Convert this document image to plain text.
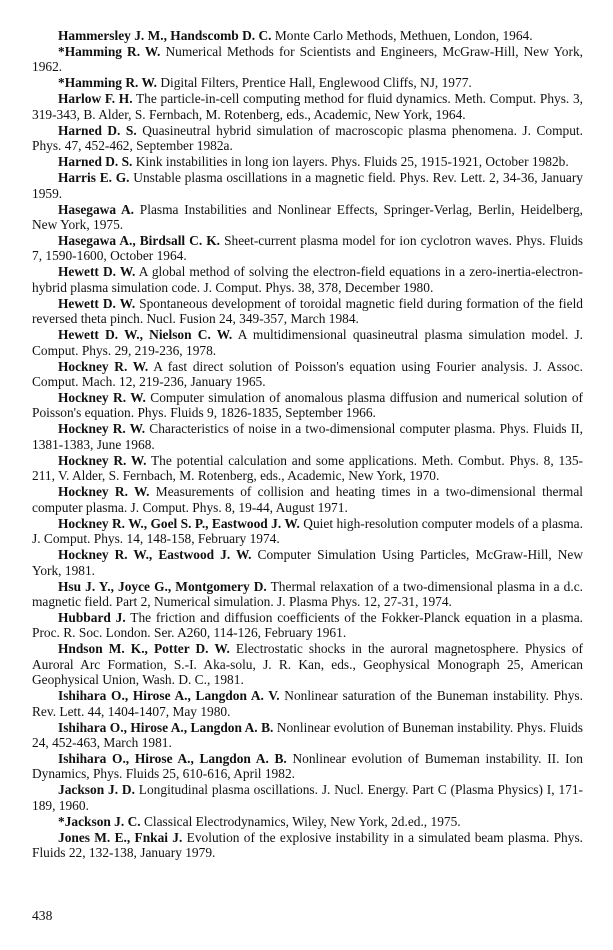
Hammersley J. M., Handscomb D. C. Monte Carlo Methods, Methuen, London, 1964.

*Hamming R. W. Numerical Methods for Scientists and Engineers, McGraw-Hill, New York, 1962.

*Hamming R. W. Digital Filters, Prentice Hall, Englewood Cliffs, NJ, 1977.

Harlow F. H. The particle-in-cell computing method for fluid dynamics. Meth. Comput. Phys. 3, 319-343, B. Alder, S. Fernbach, M. Rotenberg, eds., Academic, New York, 1964.

Harned D. S. Quasineutral hybrid simulation of macroscopic plasma phenomena. J. Comput. Phys. 47, 452-462, September 1982a.

Harned D. S. Kink instabilities in long ion layers. Phys. Fluids 25, 1915-1921, October 1982b.

Harris E. G. Unstable plasma oscillations in a magnetic field. Phys. Rev. Lett. 2, 34-36, January 1959.

Hasegawa A. Plasma Instabilities and Nonlinear Effects, Springer-Verlag, Berlin, Heidelberg, New York, 1975.

Hasegawa A., Birdsall C. K. Sheet-current plasma model for ion cyclotron waves. Phys. Fluids 7, 1590-1600, October 1964.

Hewett D. W. A global method of solving the electron-field equations in a zero-inertia-electron-hybrid plasma simulation code. J. Comput. Phys. 38, 378, December 1980.

Hewett D. W. Spontaneous development of toroidal magnetic field during formation of the field reversed theta pinch. Nucl. Fusion 24, 349-357, March 1984.

Hewett D. W., Nielson C. W. A multidimensional quasineutral plasma simulation model. J. Comput. Phys. 29, 219-236, 1978.

Hockney R. W. A fast direct solution of Poisson's equation using Fourier analysis. J. Assoc. Comput. Mach. 12, 219-236, January 1965.

Hockney R. W. Computer simulation of anomalous plasma diffusion and numerical solution of Poisson's equation. Phys. Fluids 9, 1826-1835, September 1966.

Hockney R. W. Characteristics of noise in a two-dimensional computer plasma. Phys. Fluids II, 1381-1383, June 1968.

Hockney R. W. The potential calculation and some applications. Meth. Combut. Phys. 8, 135-211, V. Alder, S. Fernbach, M. Rotenberg, eds., Academic, New York, 1970.

Hockney R. W. Measurements of collision and heating times in a two-dimensional thermal computer plasma. J. Comput. Phys. 8, 19-44, August 1971.

Hockney R. W., Goel S. P., Eastwood J. W. Quiet high-resolution computer models of a plasma. J. Comput. Phys. 14, 148-158, February 1974.

Hockney R. W., Eastwood J. W. Computer Simulation Using Particles, McGraw-Hill, New York, 1981.

Hsu J. Y., Joyce G., Montgomery D. Thermal relaxation of a two-dimensional plasma in a d.c. magnetic field. Part 2, Numerical simulation. J. Plasma Phys. 12, 27-31, 1974.

Hubbard J. The friction and diffusion coefficients of the Fokker-Planck equation in a plasma. Proc. R. Soc. London. Ser. A260, 114-126, February 1961.

Hndson M. K., Potter D. W. Electrostatic shocks in the auroral magnetosphere. Physics of Auroral Arc Formation, S.-I. Aka-solu, J. R. Kan, eds., Geophysical Monograph 25, American Geophysical Union, Wash. D. C., 1981.

Ishihara O., Hirose A., Langdon A. V. Nonlinear saturation of the Buneman instability. Phys. Rev. Lett. 44, 1404-1407, May 1980.

Ishihara O., Hirose A., Langdon A. B. Nonlinear evolution of Buneman instability. Phys. Fluids 24, 452-463, March 1981.

Ishihara O., Hirose A., Langdon A. B. Nonlinear evolution of Bumeman instability. II. Ion Dynamics, Phys. Fluids 25, 610-616, April 1982.

Jackson J. D. Longitudinal plasma oscillations. J. Nucl. Energy. Part C (Plasma Physics) I, 171-189, 1960.

*Jackson J. C. Classical Electrodynamics, Wiley, New York, 2d.ed., 1975.

Jones M. E., Fnkai J. Evolution of the explosive instability in a simulated beam plasma. Phys. Fluids 22, 132-138, January 1979.

438
